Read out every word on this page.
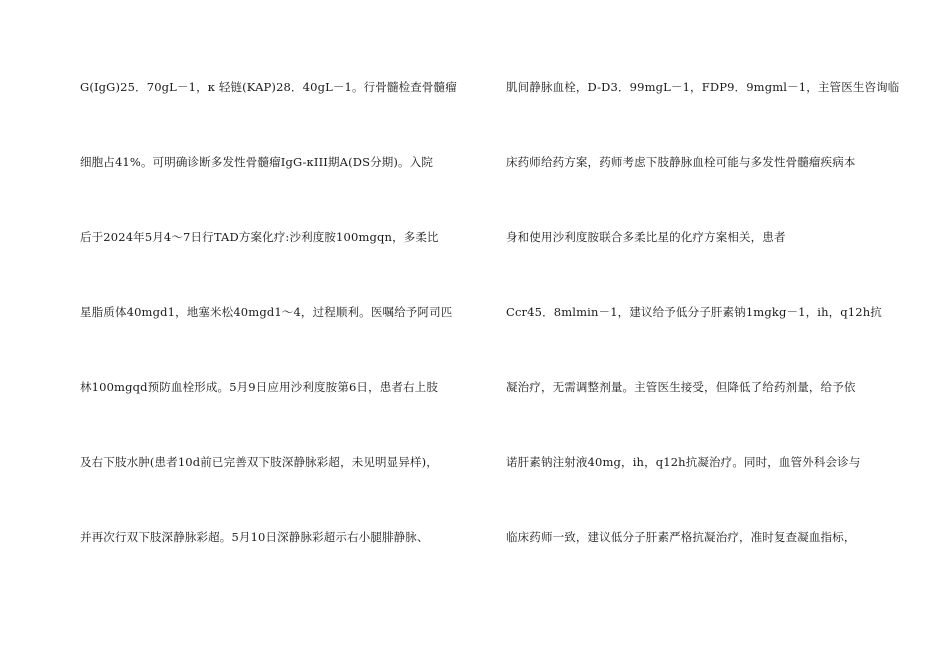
G(IgG)25．70gL－1，κ 轻链(KAP)28．40gL－1。行骨髓检查骨髓瘤
细胞占41%。可明确诊断多发性骨髓瘤IgG-κIII期A(DS分期)。入院
后于2024年5月4～7日行TAD方案化疗:沙利度胺100mgqn，多柔比
星脂质体40mgd1，地塞米松40mgd1～4，过程顺利。医嘱给予阿司匹
林100mgqd预防血栓形成。5月9日应用沙利度胺第6日，患者右上肢
及右下肢水肿(患者10d前已完善双下肢深静脉彩超，未见明显异样)，
并再次行双下肢深静脉彩超。5月10日深静脉彩超示右小腿腓静脉、
肌间静脉血栓，D-D3．99mgL－1，FDP9．9mgml－1，主管医生咨询临
床药师给药方案，药师考虑下肢静脉血栓可能与多发性骨髓瘤疾病本
身和使用沙利度胺联合多柔比星的化疗方案相关，患者
Ccr45．8mlmin－1，建议给予低分子肝素钠1mgkg－1，ih，q12h抗
凝治疗，无需调整剂量。主管医生接受，但降低了给药剂量，给予依
诺肝素钠注射液40mg，ih，q12h抗凝治疗。同时，血管外科会诊与
临床药师一致，建议低分子肝素严格抗凝治疗，准时复查凝血指标，
